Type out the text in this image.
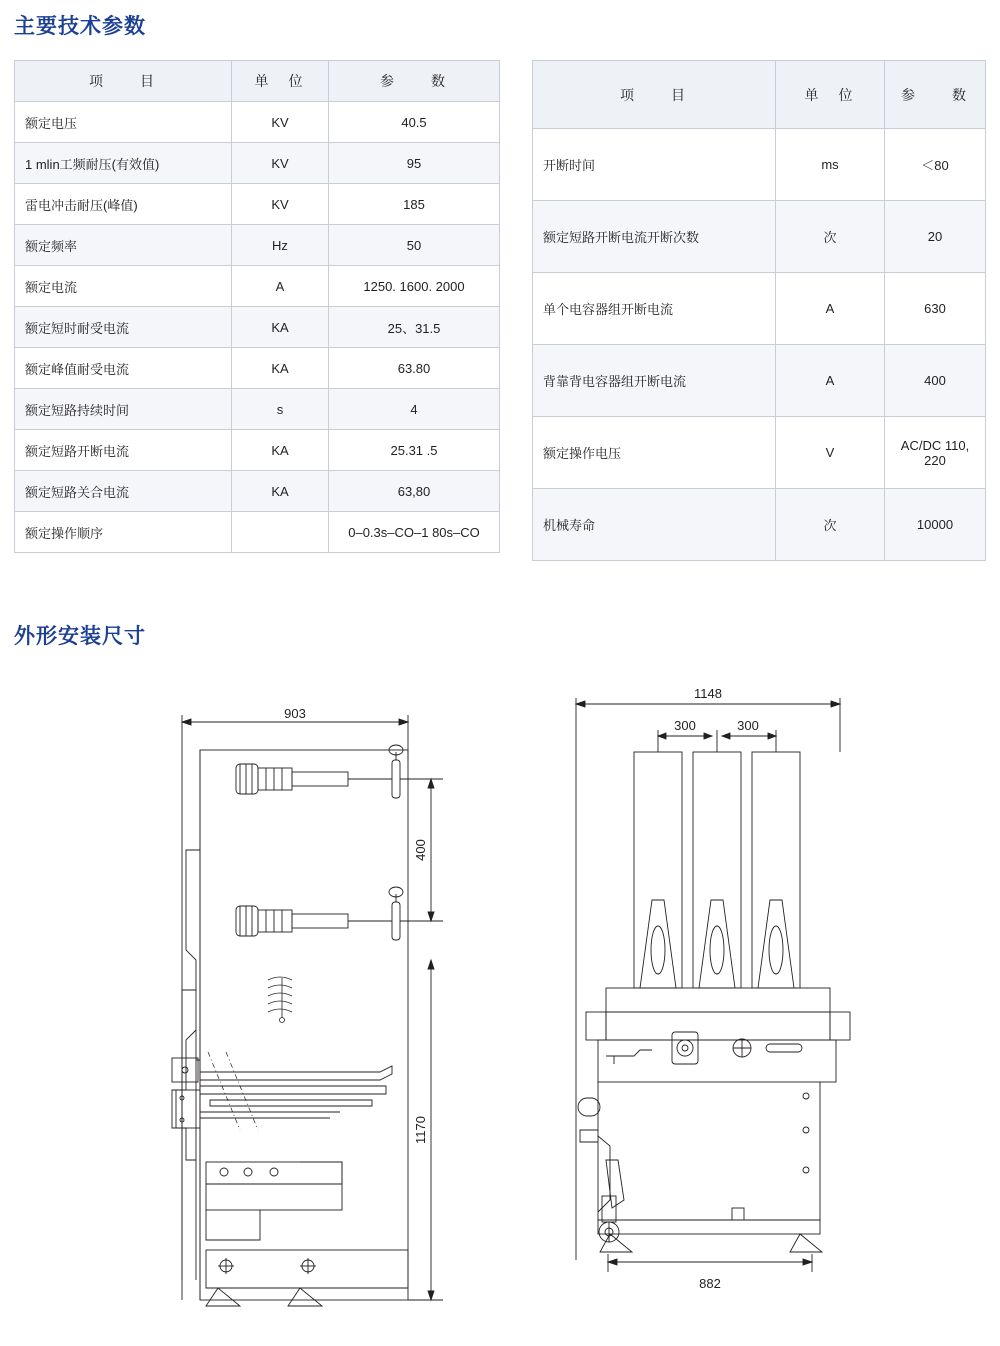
主要技术参数
项　　目	单　位	参　　数
额定电压	KV	40.5
1 mlin工频耐压(有效值)	KV	95
雷电冲击耐压(峰值)	KV	185
额定频率	Hz	50
额定电流	A	1250. 1600. 2000
额定短时耐受电流	KA	25、31.5
额定峰值耐受电流	KA	63.80
额定短路持续时间	s	4
额定短路开断电流	KA	25.31 .5
额定短路关合电流	KA	63,80
额定操作顺序		0–0.3s–CO–1 80s–CO
项　　目	单　位	参　　数
开断时间	ms	＜80
额定短路开断电流开断次数	次	20
单个电容器组开断电流	A	630
背靠背电容器组开断电流	A	400
额定操作电压	V	AC/DC 110, 220
机械寿命	次	10000
外形安装尺寸
903
400
1170
1148
300	300
882
